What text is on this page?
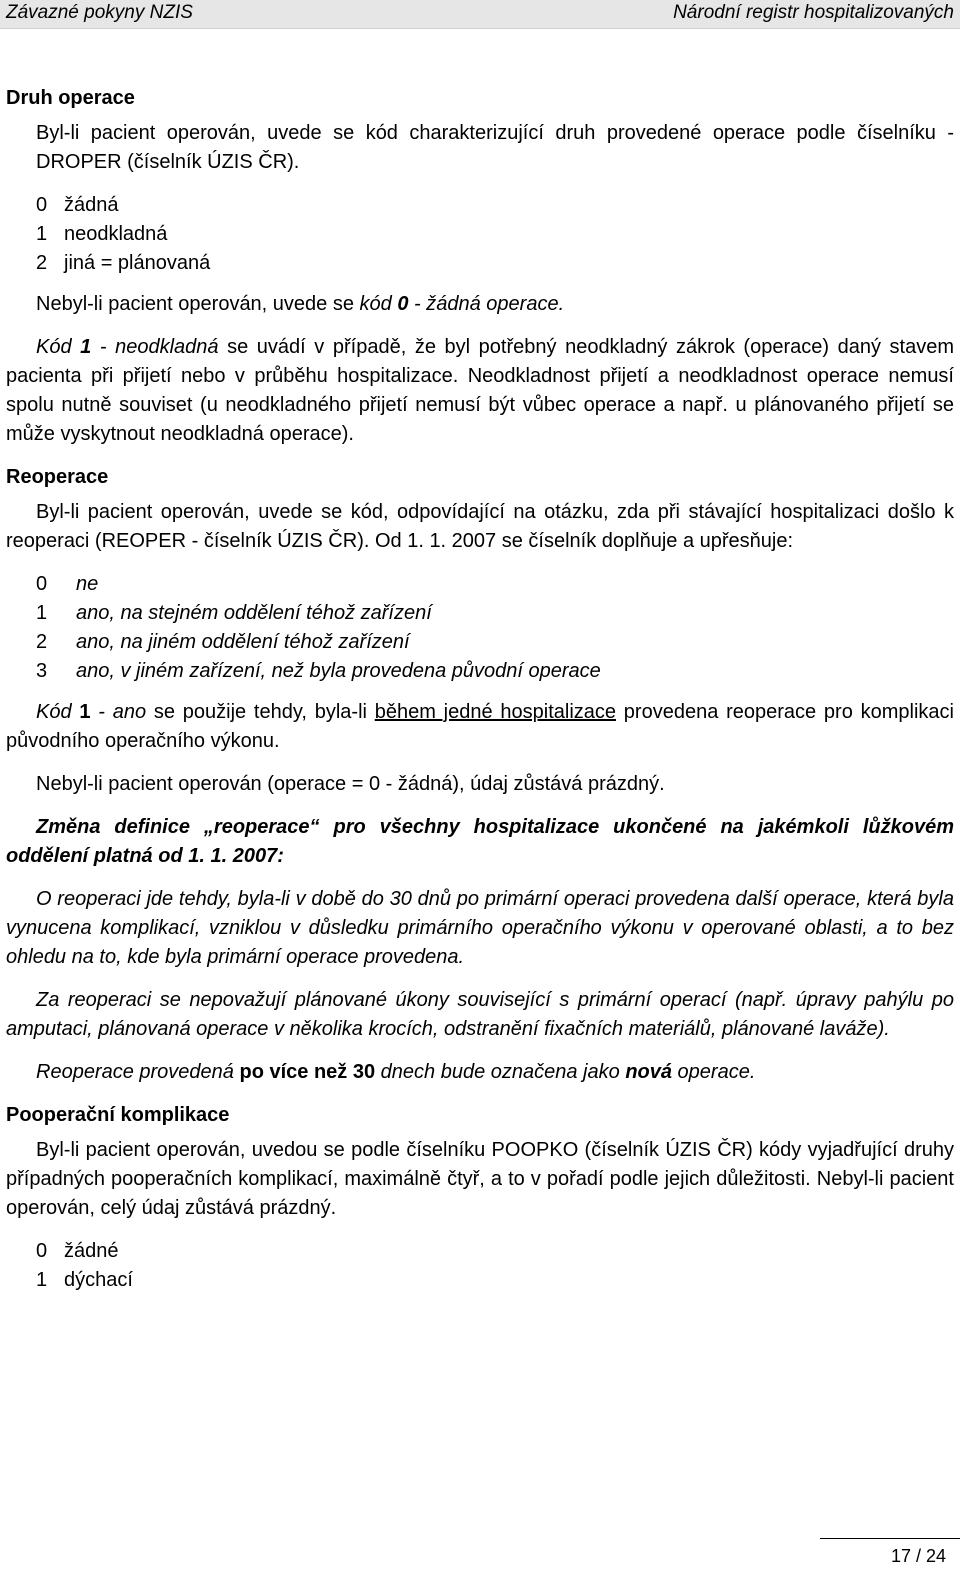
Závazné pokyny NZIS	Národní registr hospitalizovaných
Druh operace

Byl-li pacient operován, uvede se kód charakterizující druh provedené operace podle číselníku - DROPER (číselník ÚZIS ČR).

0 žádná
1 neodkladná
2 jiná = plánovaná

Nebyl-li pacient operován, uvede se kód 0 - žádná operace.

Kód 1 - neodkladná se uvádí v případě, že byl potřebný neodkladný zákrok (operace) daný stavem pacienta při přijetí nebo v průběhu hospitalizace. Neodkladnost přijetí a neodkladnost operace nemusí spolu nutně souviset (u neodkladného přijetí nemusí být vůbec operace a např. u plánovaného přijetí se může vyskytnout neodkladná operace).

Reoperace

Byl-li pacient operován, uvede se kód, odpovídající na otázku, zda při stávající hospitalizaci došlo k reoperaci (REOPER - číselník ÚZIS ČR). Od 1. 1. 2007 se číselník doplňuje a upřesňuje:

0	ne
1	ano, na stejném oddělení téhož zařízení
2	ano, na jiném oddělení téhož zařízení
3	ano, v jiném zařízení, než byla provedena původní operace

Kód 1 - ano se použije tehdy, byla-li během jedné hospitalizace provedena reoperace pro komplikaci původního operačního výkonu.

Nebyl-li pacient operován (operace = 0 - žádná), údaj zůstává prázdný.

Změna definice „reoperace“ pro všechny hospitalizace ukončené na jakémkoli lůžkovém oddělení platná od 1. 1. 2007:

O reoperaci jde tehdy, byla-li v době do 30 dnů po primární operaci provedena další operace, která byla vynucena komplikací, vzniklou v důsledku primárního operačního výkonu v operované oblasti, a to bez ohledu na to, kde byla primární operace provedena.

Za reoperaci se nepovažují plánované úkony související s primární operací (např. úpravy pahýlu po amputaci, plánovaná operace v několika krocích, odstranění fixačních materiálů, plánované laváže).

Reoperace provedená po více než 30 dnech bude označena jako nová operace.

Pooperační komplikace

Byl-li pacient operován, uvedou se podle číselníku POOPKO (číselník ÚZIS ČR) kódy vyjadřující druhy případných pooperačních komplikací, maximálně čtyř, a to v pořadí podle jejich důležitosti. Nebyl-li pacient operován, celý údaj zůstává prázdný.

0 žádné
1 dýchací
17 / 24
